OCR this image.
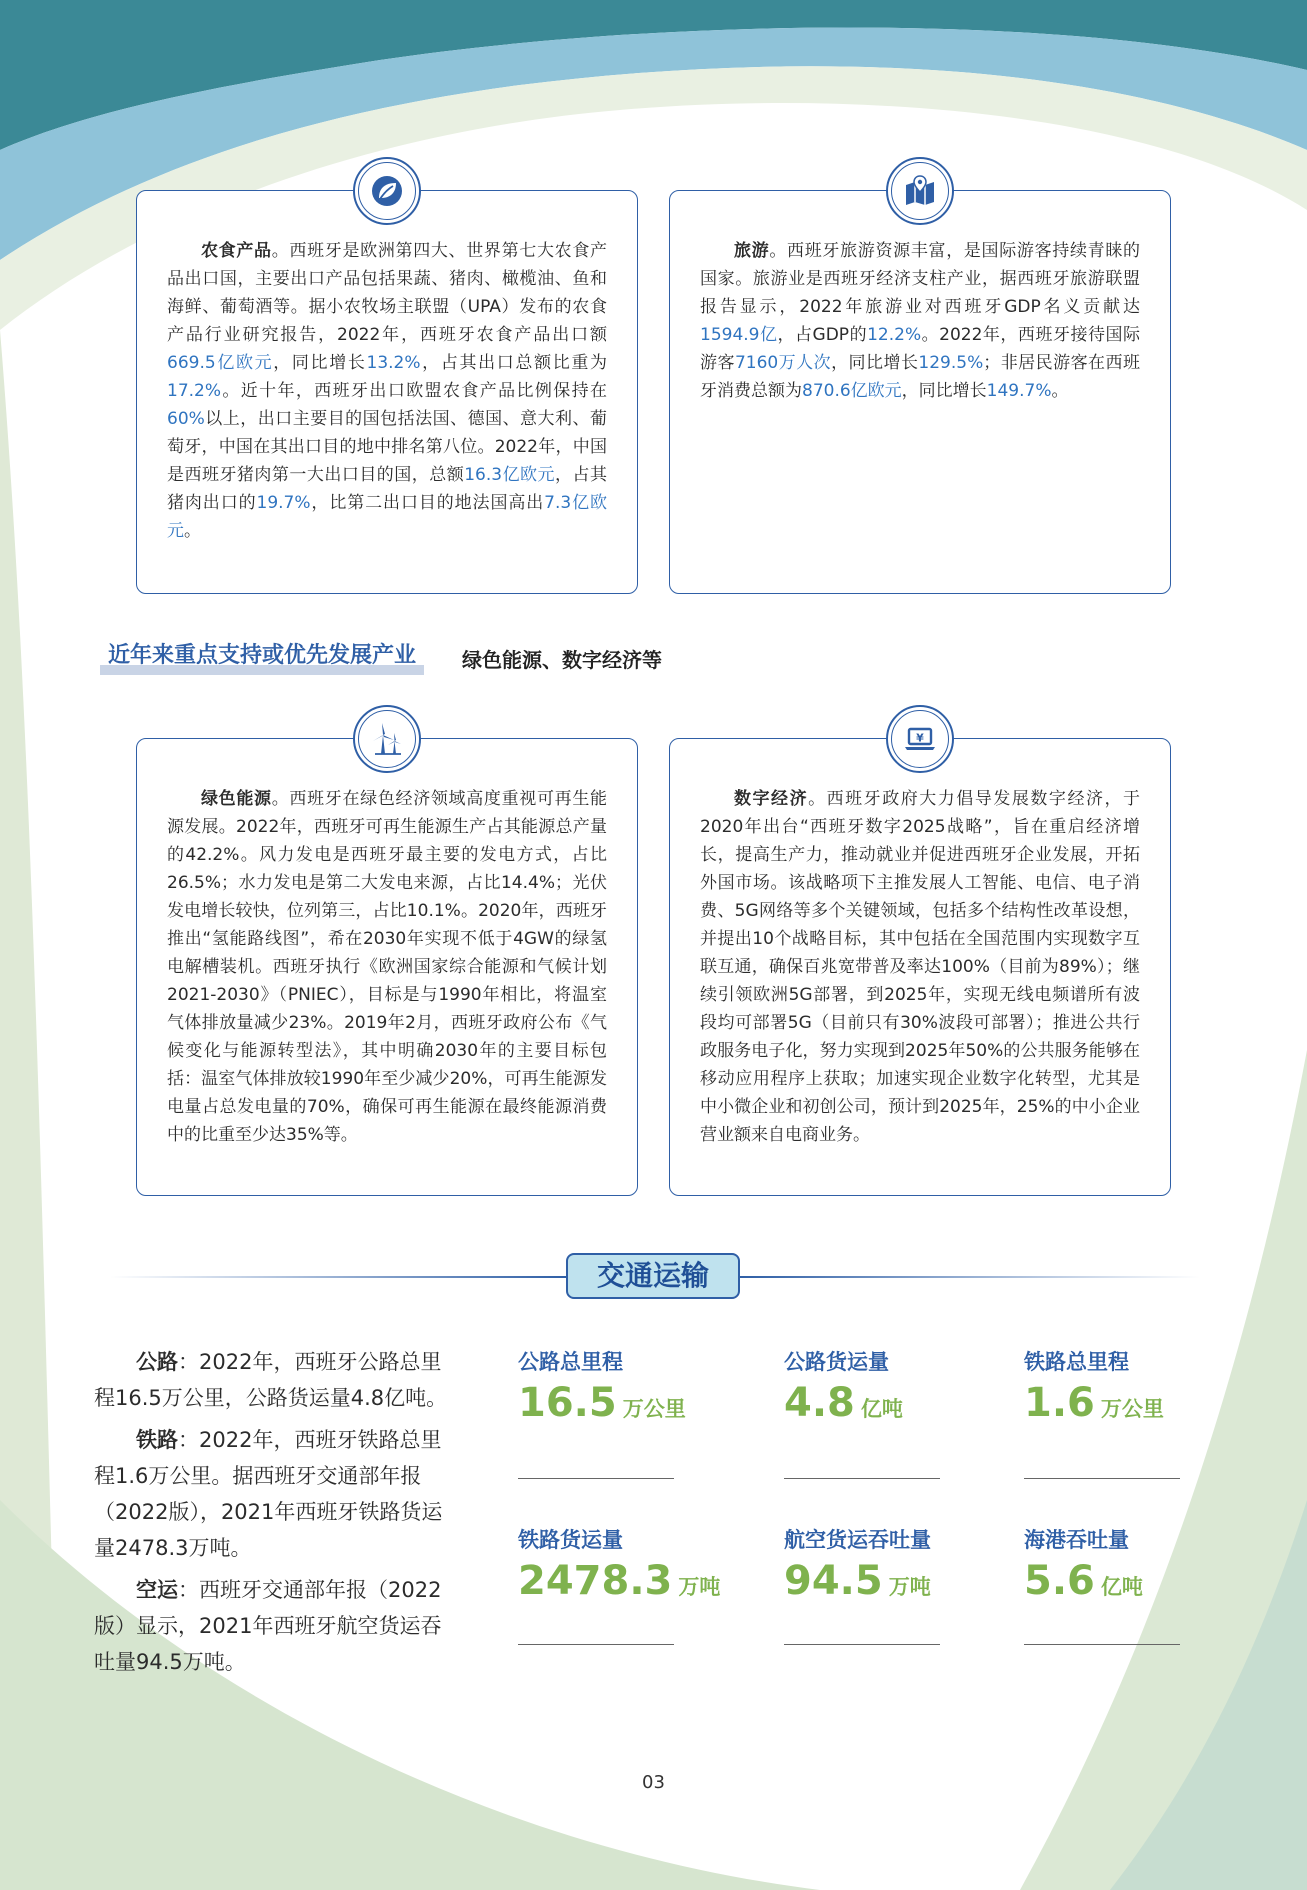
农食产品。西班牙是欧洲第四大、世界第七大农食产品出口国，主要出口产品包括果蔬、猪肉、橄榄油、鱼和海鲜、葡萄酒等。据小农牧场主联盟（UPA）发布的农食产品行业研究报告，2022年，西班牙农食产品出口额669.5亿欧元，同比增长13.2%，占其出口总额比重为17.2%。近十年，西班牙出口欧盟农食产品比例保持在60%以上，出口主要目的国包括法国、德国、意大利、葡萄牙，中国在其出口目的地中排名第八位。2022年，中国是西班牙猪肉第一大出口目的国，总额16.3亿欧元，占其猪肉出口的19.7%，比第二出口目的地法国高出7.3亿欧元。

旅游。西班牙旅游资源丰富，是国际游客持续青睐的国家。旅游业是西班牙经济支柱产业，据西班牙旅游联盟报告显示，2022年旅游业对西班牙GDP名义贡献达1594.9亿，占GDP的12.2%。2022年，西班牙接待国际游客7160万人次，同比增长129.5%；非居民游客在西班牙消费总额为870.6亿欧元，同比增长149.7%。

近年来重点支持或优先发展产业	绿色能源、数字经济等

绿色能源。西班牙在绿色经济领域高度重视可再生能源发展。2022年，西班牙可再生能源生产占其能源总产量的42.2%。风力发电是西班牙最主要的发电方式，占比26.5%；水力发电是第二大发电来源，占比14.4%；光伏发电增长较快，位列第三，占比10.1%。2020年，西班牙推出“氢能路线图”，希在2030年实现不低于4GW的绿氢电解槽装机。西班牙执行《欧洲国家综合能源和气候计划2021-2030》（PNIEC），目标是与1990年相比，将温室气体排放量减少23%。2019年2月，西班牙政府公布《气候变化与能源转型法》，其中明确2030年的主要目标包括：温室气体排放较1990年至少减少20%，可再生能源发电量占总发电量的70%，确保可再生能源在最终能源消费中的比重至少达35%等。

数字经济。西班牙政府大力倡导发展数字经济，于2020年出台“西班牙数字2025战略”，旨在重启经济增长，提高生产力，推动就业并促进西班牙企业发展，开拓外国市场。该战略项下主推发展人工智能、电信、电子消费、5G网络等多个关键领域，包括多个结构性改革设想，并提出10个战略目标，其中包括在全国范围内实现数字互联互通，确保百兆宽带普及率达100%（目前为89%）；继续引领欧洲5G部署，到2025年，实现无线电频谱所有波段均可部署5G（目前只有30%波段可部署）；推进公共行政服务电子化，努力实现到2025年50%的公共服务能够在移动应用程序上获取；加速实现企业数字化转型，尤其是中小微企业和初创公司，预计到2025年，25%的中小企业营业额来自电商业务。

¥
交通运输

公路：2022年，西班牙公路总里程16.5万公里，公路货运量4.8亿吨。

铁路：2022年，西班牙铁路总里程1.6万公里。据西班牙交通部年报（2022版），2021年西班牙铁路货运量2478.3万吨。

空运：西班牙交通部年报（2022版）显示，2021年西班牙航空货运吞吐量94.5万吨。

公路总里程
16.5 万公里
公路货运量
4.8 亿吨
铁路总里程
1.6 万公里
铁路货运量
2478.3 万吨
航空货运吞吐量
94.5 万吨
海港吞吐量
5.6 亿吨
03
